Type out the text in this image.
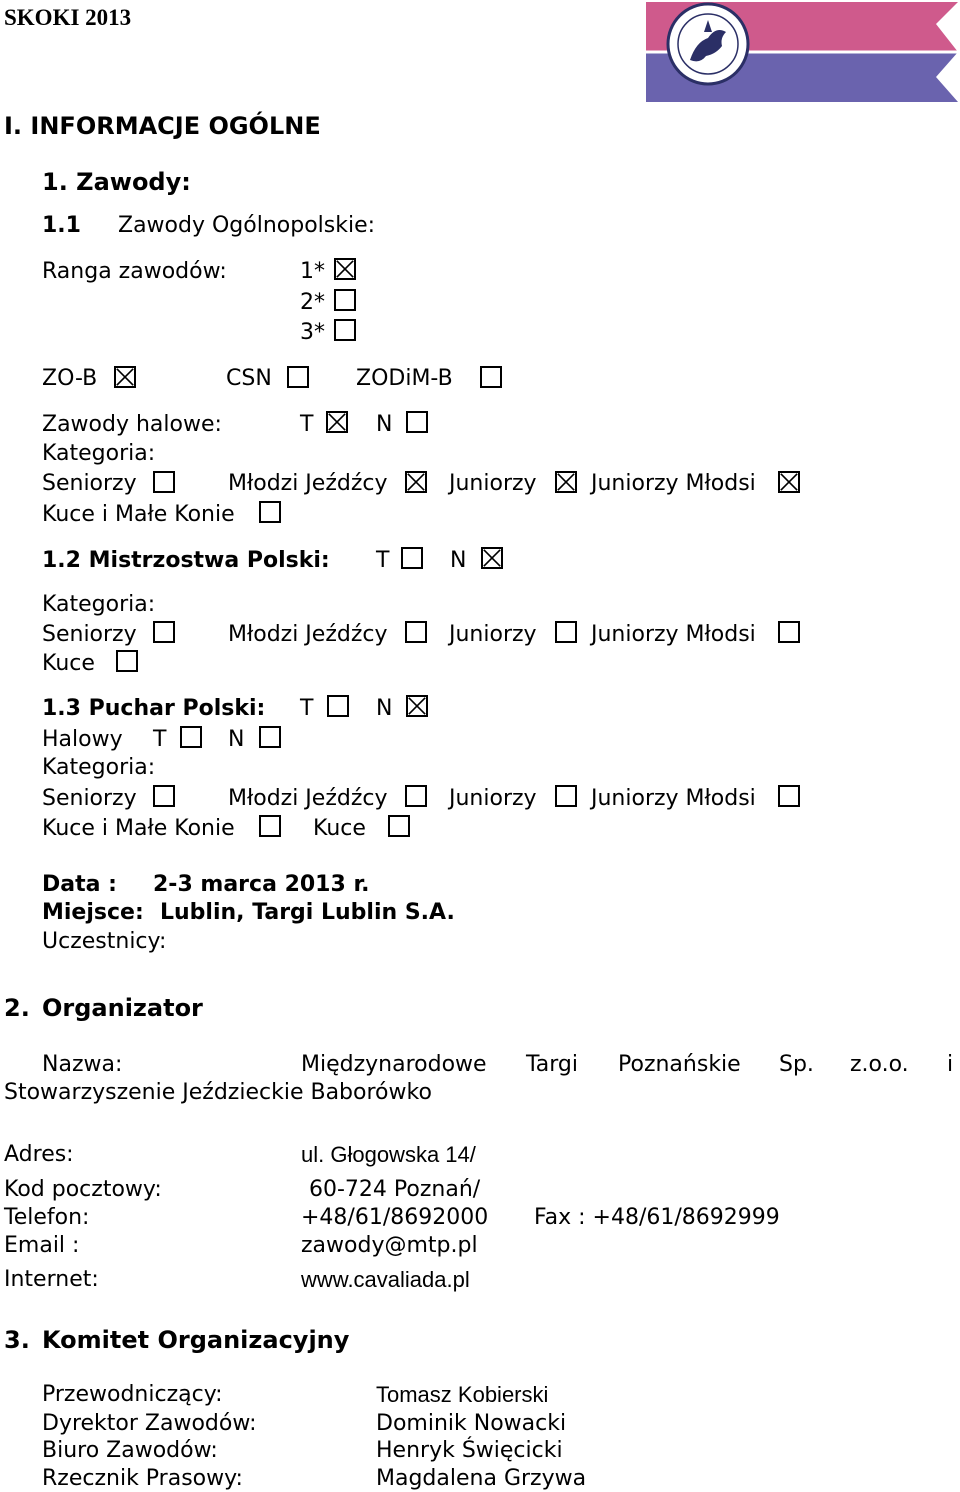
SKOKI 2013
I. INFORMACJE OGÓLNE
1. Zawody:
1.1 Zawody Ogólnopolskie:
Ranga zawodów:	1*
2*
3*
ZO-B	CSN	ZODiM-B
Zawody halowe:	T	N
Kategoria:
Seniorzy	Młodzi Jeźdźcy	Juniorzy Juniorzy Młodsi
Kuce i Małe Konie
1.2 Mistrzostwa Polski: T	N
Kategoria:
Seniorzy	Młodzi Jeźdźcy	Juniorzy Juniorzy Młodsi
Kuce
1.3 Puchar Polski: T	N
Halowy T	N
Kategoria:
Seniorzy	Młodzi Jeźdźcy	Juniorzy Juniorzy Młodsi
Kuce i Małe Konie	Kuce
Data : 2-3 marca 2013 r.
Miejsce: Lublin, Targi Lublin S.A.
Uczestnicy:
2. Organizator
Nazwa:	Międzynarodowe Targi Poznańskie Sp. z.o.o. i
Stowarzyszenie Jeździeckie Baborówko
Adres:	ul. Głogowska 14/
Kod pocztowy:	60-724 Poznań/
Telefon:	+48/61/8692000 Fax : +48/61/8692999
Email :	zawody@mtp.pl
Internet:	www.cavaliada.pl
3. Komitet Organizacyjny
Przewodniczący:	Tomasz Kobierski
Dyrektor Zawodów:	Dominik Nowacki
Biuro Zawodów:	Henryk Święcicki
Rzecznik Prasowy:	Magdalena Grzywa
